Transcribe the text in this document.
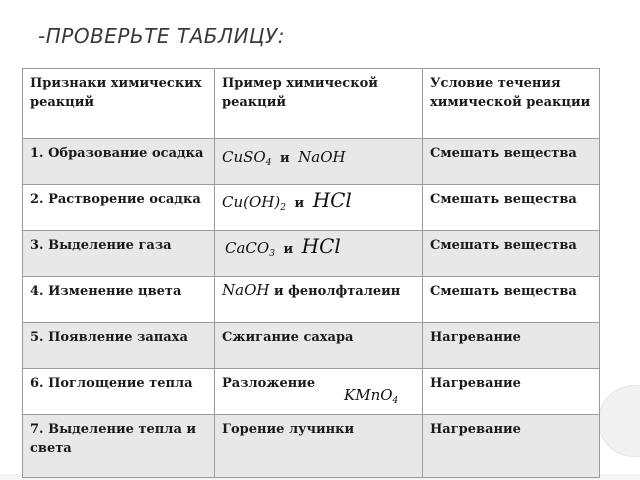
-ПРОВЕРЬТЕ ТАБЛИЦУ:
Признаки химических реакций
1. Образование осадка
2. Растворение осадка
3. Выделение газа
4. Изменение цвета
5. Появление запаха
6. Поглощение тепла
7. Выделение тепла и света
Пример химической реакций
CuSO$_4$ и NaOH
$Cu(OH)_2$ и HCl
CaCO$_3$ и HCl
NaOH и фенолфталеин
Сжигание сахара
Разложение
Горение лучинки
Условие течения химической реакции
Смешать вещества
Смешать вещества
Смешать вещества
Смешать вещества
Нагревание
Нагревание
Нагревание
KMnO$_4$
